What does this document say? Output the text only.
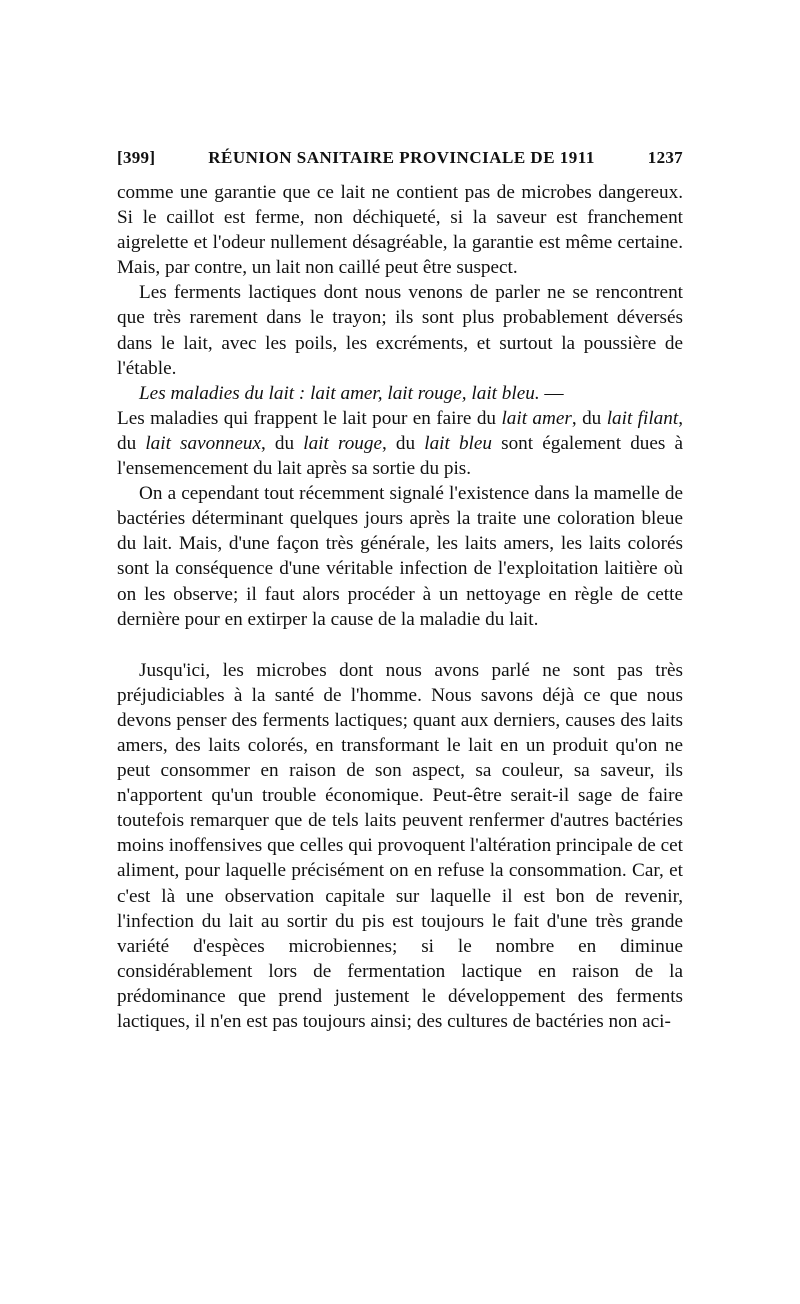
[399]	RÉUNION SANITAIRE PROVINCIALE DE 1911	1237

comme une garantie que ce lait ne contient pas de microbes dangereux. Si le caillot est ferme, non déchiqueté, si la saveur est franchement aigrelette et l'odeur nullement désagréable, la garantie est même certaine. Mais, par contre, un lait non caillé peut être suspect.

Les ferments lactiques dont nous venons de parler ne se rencontrent que très rarement dans le trayon; ils sont plus probablement déversés dans le lait, avec les poils, les excréments, et surtout la poussière de l'étable.

Les maladies du lait : lait amer, lait rouge, lait bleu. —

Les maladies qui frappent le lait pour en faire du lait amer, du lait filant, du lait savonneux, du lait rouge, du lait bleu sont également dues à l'ensemencement du lait après sa sortie du pis.

On a cependant tout récemment signalé l'existence dans la mamelle de bactéries déterminant quelques jours après la traite une coloration bleue du lait. Mais, d'une façon très générale, les laits amers, les laits colorés sont la conséquence d'une véritable infection de l'exploitation laitière où on les observe; il faut alors procéder à un nettoyage en règle de cette dernière pour en extirper la cause de la maladie du lait.

Jusqu'ici, les microbes dont nous avons parlé ne sont pas très préjudiciables à la santé de l'homme. Nous savons déjà ce que nous devons penser des ferments lactiques; quant aux derniers, causes des laits amers, des laits colorés, en transformant le lait en un produit qu'on ne peut consommer en raison de son aspect, sa couleur, sa saveur, ils n'apportent qu'un trouble économique. Peut-être serait-il sage de faire toutefois remarquer que de tels laits peuvent renfermer d'autres bactéries moins inoffensives que celles qui provoquent l'altération principale de cet aliment, pour laquelle précisément on en refuse la consommation. Car, et c'est là une observation capitale sur laquelle il est bon de revenir, l'infection du lait au sortir du pis est toujours le fait d'une très grande variété d'espèces microbiennes; si le nombre en diminue considérablement lors de fermentation lactique en raison de la prédominance que prend justement le développement des ferments lactiques, il n'en est pas toujours ainsi; des cultures de bactéries non aci-
